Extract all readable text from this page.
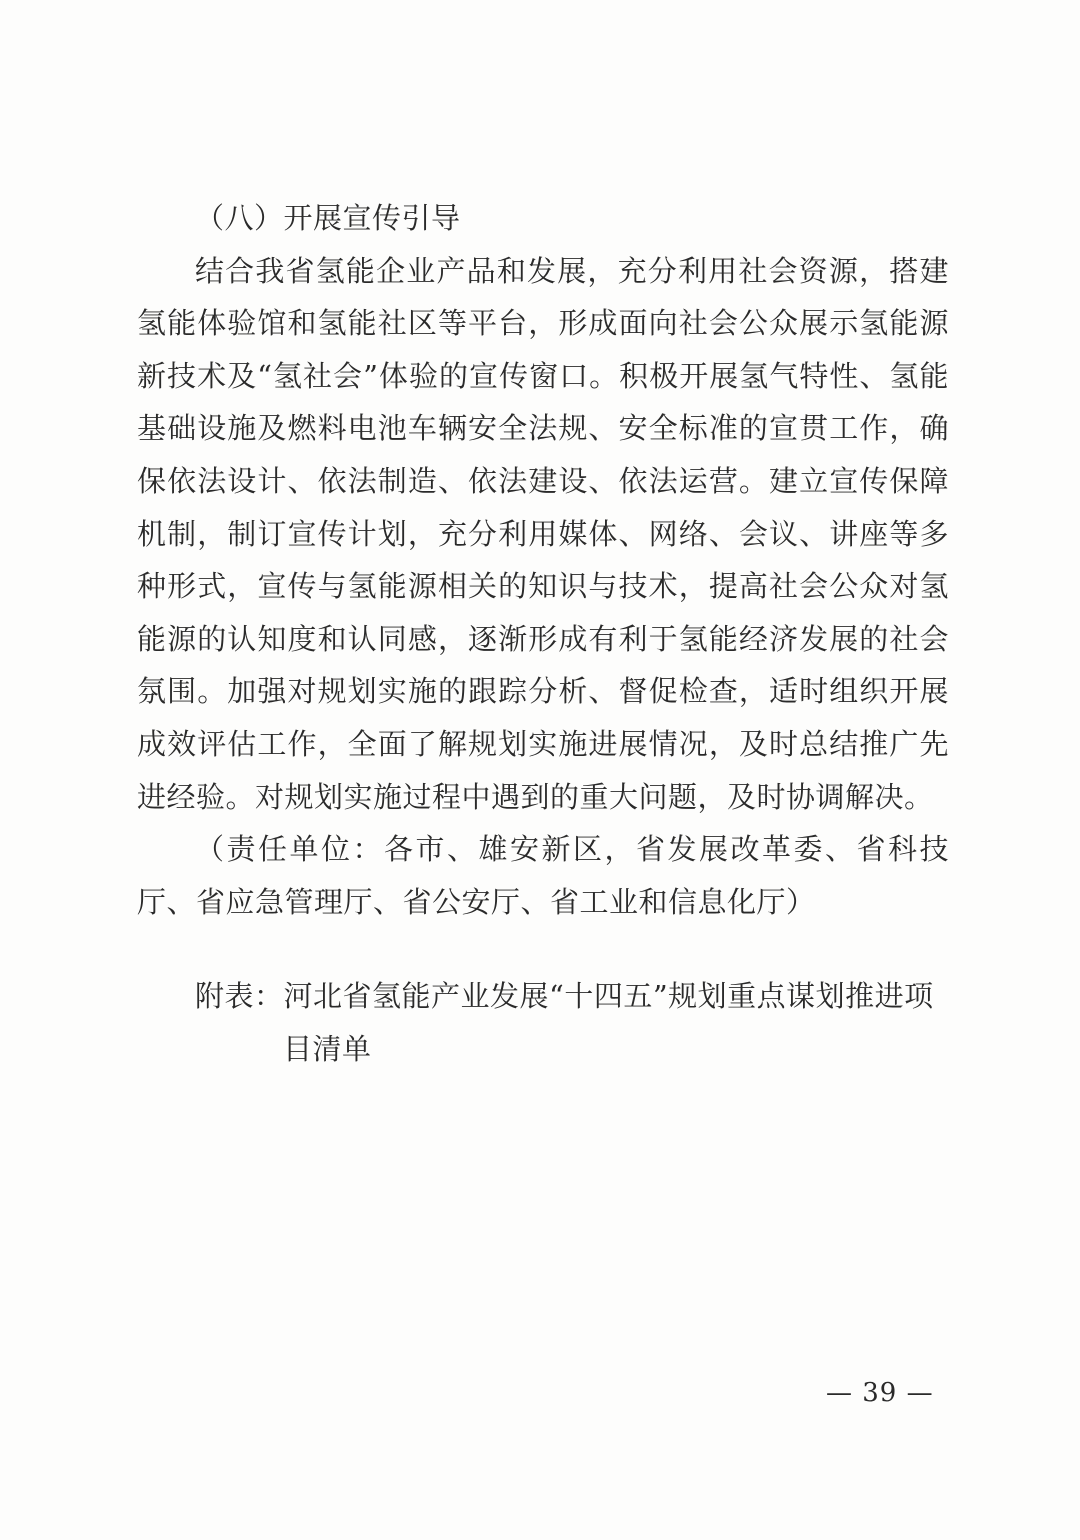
（八）开展宣传引导

结合我省氢能企业产品和发展，充分利用社会资源，搭建氢能体验馆和氢能社区等平台，形成面向社会公众展示氢能源新技术及“氢社会”体验的宣传窗口。积极开展氢气特性、氢能基础设施及燃料电池车辆安全法规、安全标准的宣贯工作，确保依法设计、依法制造、依法建设、依法运营。建立宣传保障机制，制订宣传计划，充分利用媒体、网络、会议、讲座等多种形式，宣传与氢能源相关的知识与技术，提高社会公众对氢能源的认知度和认同感，逐渐形成有利于氢能经济发展的社会氛围。加强对规划实施的跟踪分析、督促检查，适时组织开展成效评估工作，全面了解规划实施进展情况，及时总结推广先进经验。对规划实施过程中遇到的重大问题，及时协调解决。

（责任单位：各市、雄安新区，省发展改革委、省科技厅、省应急管理厅、省公安厅、省工业和信息化厅）

附表：河北省氢能产业发展“十四五”规划重点谋划推进项目清单

— 39 —
